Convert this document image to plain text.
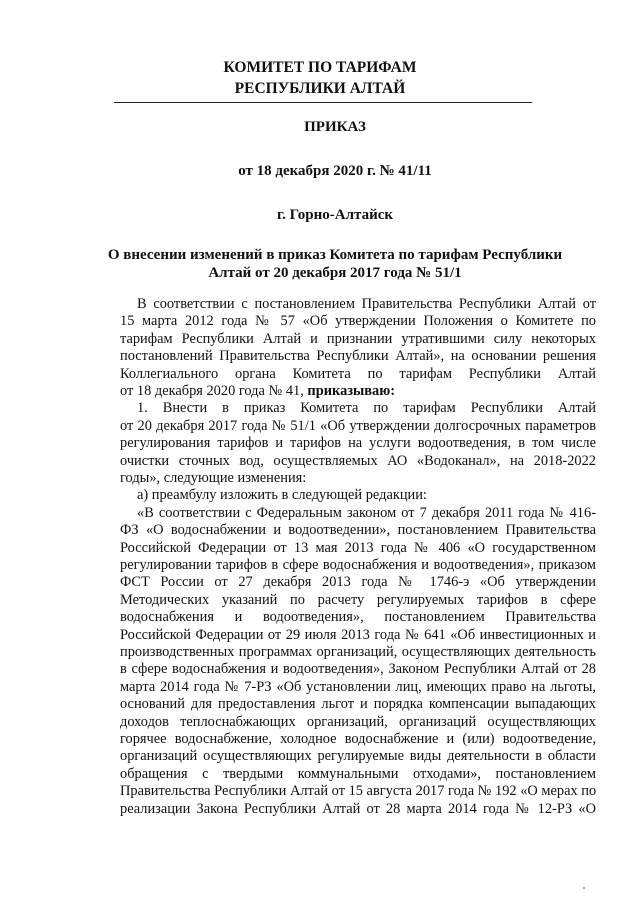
КОМИТЕТ ПО ТАРИФАМ
РЕСПУБЛИКИ АЛТАЙ
ПРИКАЗ
от 18 декабря 2020 г. № 41/11
г. Горно-Алтайск
О внесении изменений в приказ Комитета по тарифам Республики
Алтай от 20 декабря 2017 года № 51/1
В соответствии с постановлением Правительства Республики Алтай от
15 марта 2012 года № 57 «Об утверждении Положения о Комитете по
тарифам Республики Алтай и признании утратившими силу некоторых
постановлений Правительства Республики Алтай», на основании решения
Коллегиального органа Комитета по тарифам Республики Алтай
от 18 декабря 2020 года № 41, приказываю:
1. Внести в приказ Комитета по тарифам Республики Алтай
от 20 декабря 2017 года № 51/1 «Об утверждении долгосрочных параметров
регулирования тарифов и тарифов на услуги водоотведения, в том числе
очистки сточных вод, осуществляемых АО «Водоканал», на 2018-2022
годы», следующие изменения:
а) преамбулу изложить в следующей редакции:
«В соответствии с Федеральным законом от 7 декабря 2011 года № 416-
ФЗ «О водоснабжении и водоотведении», постановлением Правительства
Российской Федерации от 13 мая 2013 года № 406 «О государственном
регулировании тарифов в сфере водоснабжения и водоотведения», приказом
ФСТ России от 27 декабря 2013 года № 1746-э «Об утверждении
Методических указаний по расчету регулируемых тарифов в сфере
водоснабжения и водоотведения», постановлением Правительства
Российской Федерации от 29 июля 2013 года № 641 «Об инвестиционных и
производственных программах организаций, осуществляющих деятельность
в сфере водоснабжения и водоотведения», Законом Республики Алтай от 28
марта 2014 года № 7-РЗ «Об установлении лиц, имеющих право на льготы,
оснований для предоставления льгот и порядка компенсации выпадающих
доходов теплоснабжающих организаций, организаций осуществляющих
горячее водоснабжение, холодное водоснабжение и (или) водоотведение,
организаций осуществляющих регулируемые виды деятельности в области
обращения с твердыми коммунальными отходами», постановлением
Правительства Республики Алтай от 15 августа 2017 года № 192 «О мерах по
реализации Закона Республики Алтай от 28 марта 2014 года № 12-РЗ «О
